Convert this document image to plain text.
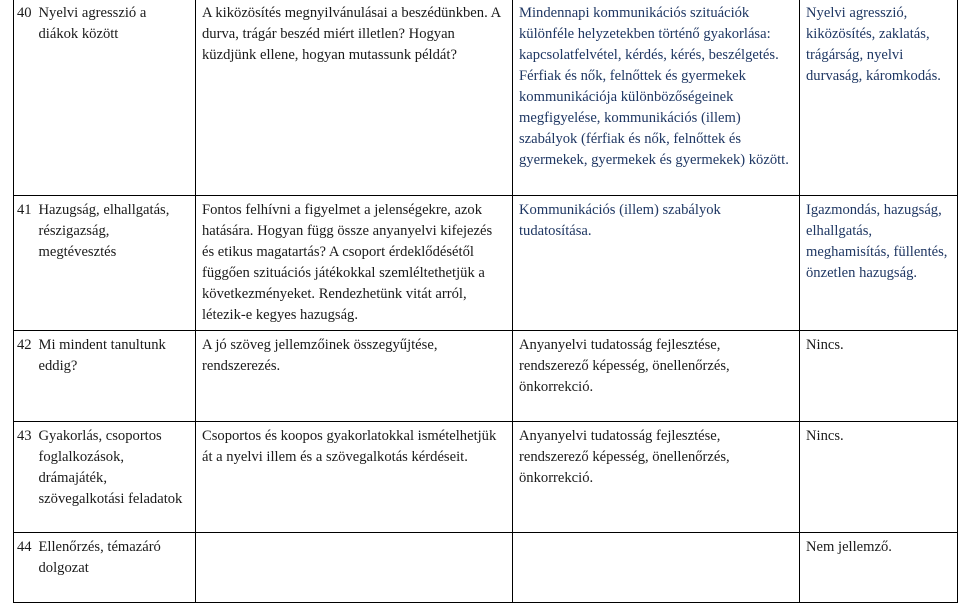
40	Nyelvi agresszió a diákok között	A kiközösítés megnyilvánulásai a beszédünkben. A durva, trágár beszéd miért illetlen? Hogyan küzdjünk ellene, hogyan mutassunk példát?	Mindennapi kommunikációs szituációk különféle helyzetekben történő gyakorlása: kapcsolatfelvétel, kérdés, kérés, beszélgetés. Férfiak és nők, felnőttek és gyermekek kommunikációja különbözőségeinek megfigyelése, kommunikációs (illem) szabályok (férfiak és nők, felnőttek és gyermekek, gyermekek és gyermekek) között.	Nyelvi agresszió, kiközösítés, zaklatás, trágárság, nyelvi durvaság, káromkodás.
41	Hazugság, elhallgatás, részigazság, megtévesztés	Fontos felhívni a figyelmet a jelenségekre, azok hatására. Hogyan függ össze anyanyelvi kifejezés és etikus magatartás? A csoport érdeklődésétől függően szituációs játékokkal szemléltethetjük a következményeket. Rendezhetünk vitát arról, létezik-e kegyes hazugság.	Kommunikációs (illem) szabályok tudatosítása.	Igazmondás, hazugság, elhallgatás, meghamisítás, füllentés, önzetlen hazugság.
42	Mi mindent tanultunk eddig?	A jó szöveg jellemzőinek összegyűjtése, rendszerezés.	Anyanyelvi tudatosság fejlesztése, rendszerező képesség, önellenőrzés, önkorrekció.	Nincs.
43	Gyakorlás, csoportos foglalkozások, drámajáték, szövegalkotási feladatok	Csoportos és koopos gyakorlatokkal ismételhetjük át a nyelvi illem és a szövegalkotás kérdéseit.	Anyanyelvi tudatosság fejlesztése, rendszerező képesség, önellenőrzés, önkorrekció.	Nincs.
44	Ellenőrzés, témazáró dolgozat			Nem jellemző.
